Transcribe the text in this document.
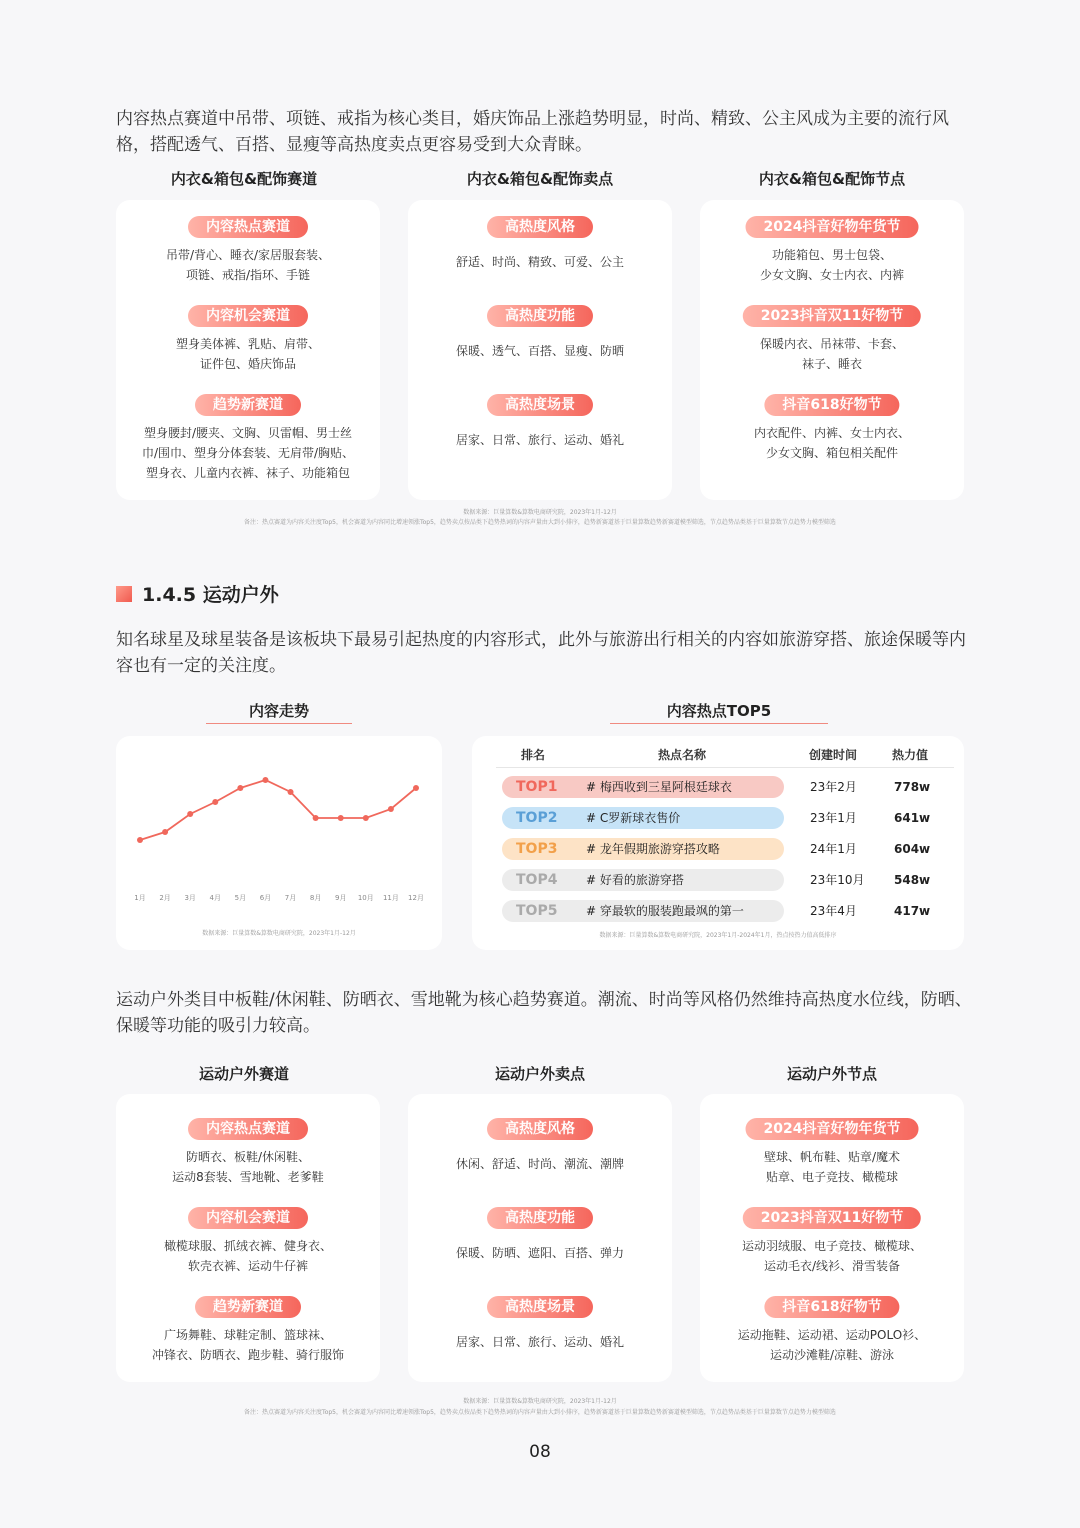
内容热点赛道中吊带、项链、戒指为核心类目，婚庆饰品上涨趋势明显，时尚、精致、公主风成为主要的流行风格，搭配透气、百搭、显瘦等高热度卖点更容易受到大众青睐。
内衣&箱包&配饰赛道	内衣&箱包&配饰卖点	内衣&箱包&配饰节点
内容热点赛道
吊带/背心、睡衣/家居服套装、
项链、戒指/指环、手链
内容机会赛道
塑身美体裤、乳贴、肩带、
证件包、婚庆饰品
趋势新赛道
塑身腰封/腰夹、文胸、贝雷帽、男士丝
巾/围巾、塑身分体套装、无肩带/胸贴、
塑身衣、儿童内衣裤、袜子、功能箱包
高热度风格
舒适、时尚、精致、可爱、公主
高热度功能
保暖、透气、百搭、显瘦、防晒
高热度场景
居家、日常、旅行、运动、婚礼
2024抖音好物年货节
功能箱包、男士包袋、
少女文胸、女士内衣、内裤
2023抖音双11好物节
保暖内衣、吊袜带、卡套、
袜子、睡衣
抖音618好物节
内衣配件、内裤、女士内衣、
少女文胸、箱包相关配件
数据来源：巨量算数&算数电商研究院，2023年1月-12月
备注：热点赛道为内容关注度Top5，机会赛道为内容同比增速领涨Top5，趋势卖点按品类下趋势热词的内容声量由大到小排序，趋势新赛道基于巨量算数趋势新赛道模型筛选，节点趋势品类基于巨量算数节点趋势力模型筛选
1.4.5 运动户外
知名球星及球星装备是该板块下最易引起热度的内容形式，此外与旅游出行相关的内容如旅游穿搭、旅途保暖等内容也有一定的关注度。
内容走势
1月 2月 3月 4月 5月 6月 7月 8月 9月 10月 11月 12月
数据来源：巨量算数&算数电商研究院，2023年1月-12月
内容热点TOP5
排名	热点名称	创建时间	热力值
TOP1 # 梅西收到三星阿根廷球衣	23年2月	778w
TOP2 # C罗新球衣售价	23年1月	641w
TOP3 # 龙年假期旅游穿搭攻略	24年1月	604w
TOP4 # 好看的旅游穿搭	23年10月 548w
TOP5 # 穿最软的服装跑最飒的第一	23年4月	417w
数据来源：巨量算数&算数电商研究院，2023年1月-2024年1月，热点按热力值高低排序
运动户外类目中板鞋/休闲鞋、防晒衣、雪地靴为核心趋势赛道。潮流、时尚等风格仍然维持高热度水位线，防晒、保暖等功能的吸引力较高。
运动户外赛道	运动户外卖点	运动户外节点
内容热点赛道
防晒衣、板鞋/休闲鞋、
运动8套装、雪地靴、老爹鞋
内容机会赛道
橄榄球服、抓绒衣裤、健身衣、
软壳衣裤、运动牛仔裤
趋势新赛道
广场舞鞋、球鞋定制、篮球袜、
冲锋衣、防晒衣、跑步鞋、骑行服饰
高热度风格
休闲、舒适、时尚、潮流、潮牌
高热度功能
保暖、防晒、遮阳、百搭、弹力
高热度场景
居家、日常、旅行、运动、婚礼
2024抖音好物年货节
壁球、帆布鞋、贴章/魔术
贴章、电子竞技、橄榄球
2023抖音双11好物节
运动羽绒服、电子竞技、橄榄球、
运动毛衣/线衫、滑雪装备
抖音618好物节
运动拖鞋、运动裙、运动POLO衫、
运动沙滩鞋/凉鞋、游泳
数据来源：巨量算数&算数电商研究院，2023年1月-12月
备注：热点赛道为内容关注度Top5，机会赛道为内容同比增速领涨Top5，趋势卖点按品类下趋势热词的内容声量由大到小排序，趋势新赛道基于巨量算数趋势新赛道模型筛选，节点趋势品类基于巨量算数节点趋势力模型筛选
08
